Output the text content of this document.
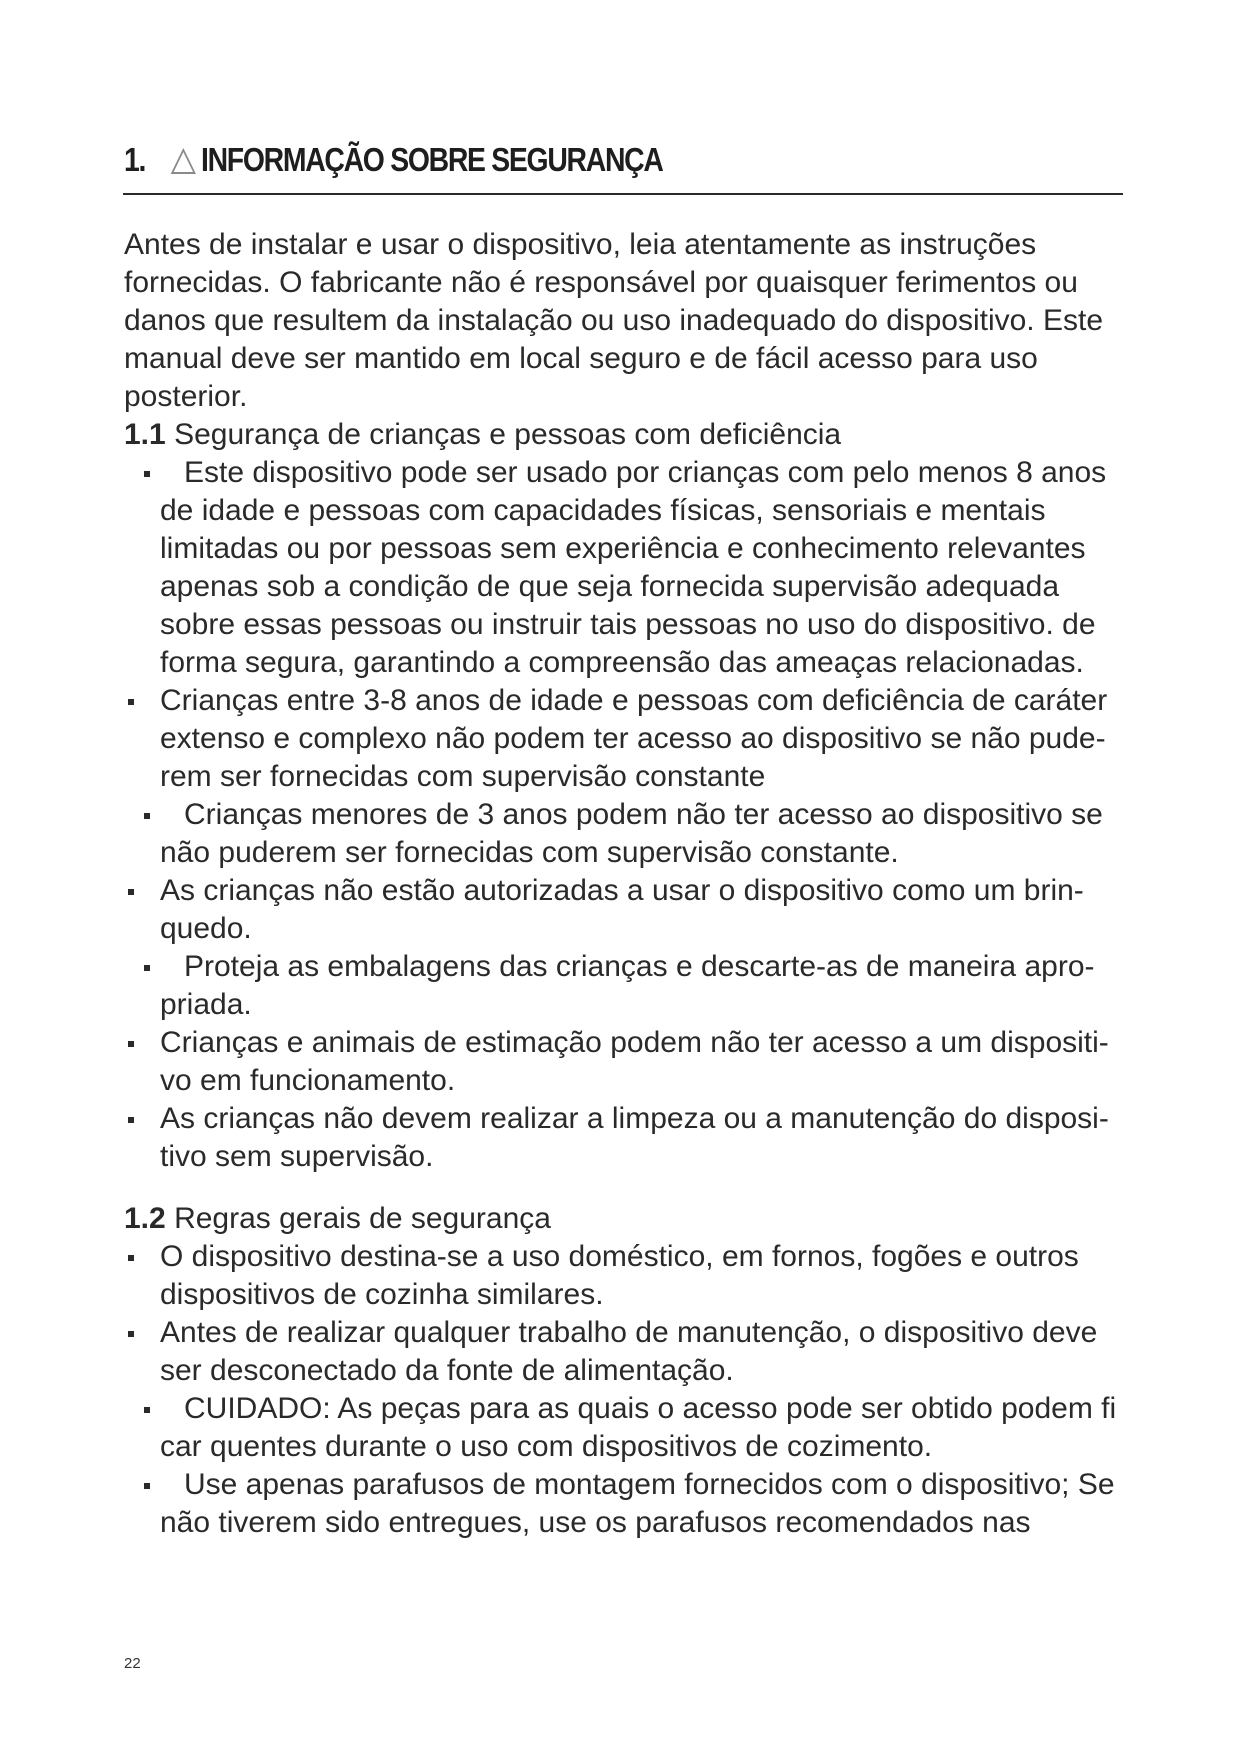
1. INFORMAÇÃO SOBRE SEGURANÇA

Antes de instalar e usar o dispositivo, leia atentamente as instruções fornecidas. O fabricante não é responsável por quaisquer ferimentos ou danos que resultem da instalação ou uso inadequado do dispositivo. Este manual deve ser mantido em local seguro e de fácil acesso para uso posterior.

1.1 Segurança de crianças e pessoas com deficiência

Este dispositivo pode ser usado por crianças com pelo menos 8 anos de idade e pessoas com capacidades físicas, sensoriais e mentais limitadas ou por pessoas sem experiência e conhecimento relevantes apenas sob a condição de que seja fornecida supervisão adequada sobre essas pessoas ou instruir tais pessoas no uso do dispositivo. de forma segura, garantindo a compreensão das ameaças relacionadas.
Crianças entre 3-8 anos de idade e pessoas com deficiência de caráter extenso e complexo não podem ter acesso ao dispositivo se não pude-rem ser fornecidas com supervisão constante
Crianças menores de 3 anos podem não ter acesso ao dispositivo se não puderem ser fornecidas com supervisão constante.
As crianças não estão autorizadas a usar o dispositivo como um brin-quedo.
Proteja as embalagens das crianças e descarte-as de maneira apro-priada.
Crianças e animais de estimação podem não ter acesso a um dispositi-vo em funcionamento.
As crianças não devem realizar a limpeza ou a manutenção do disposi-tivo sem supervisão.

1.2 Regras gerais de segurança

O dispositivo destina-se a uso doméstico, em fornos, fogões e outros dispositivos de cozinha similares.
Antes de realizar qualquer trabalho de manutenção, o dispositivo deve ser desconectado da fonte de alimentação.
CUIDADO: As peças para as quais o acesso pode ser obtido podem fi car quentes durante o uso com dispositivos de cozimento.
Use apenas parafusos de montagem fornecidos com o dispositivo; Se não tiverem sido entregues, use os parafusos recomendados nas
22
